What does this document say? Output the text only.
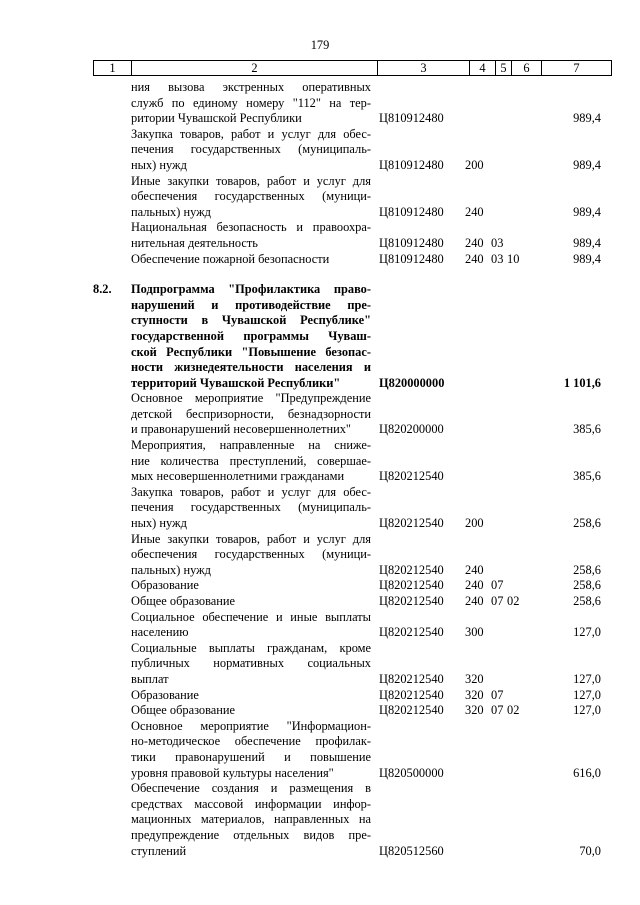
179
1	2	3	4	5	6	7
ния вызова экстренных оперативных
служб по единому номеру "112" на тер-
ритории Чувашской Республики	Ц810912480	989,4
Закупка товаров, работ и услуг для обес-
печения государственных (муниципаль-
ных) нужд	Ц810912480	200	989,4
Иные закупки товаров, работ и услуг для
обеспечения государственных (муници-
пальных) нужд	Ц810912480	240	989,4
Национальная безопасность и правоохра-
нительная деятельность	Ц810912480	240 03	989,4
Обеспечение пожарной безопасности	Ц810912480	240 03 10	989,4
8.2.	Подпрограмма "Профилактика право-
нарушений и противодействие пре-
ступности в Чувашской Республике"
государственной программы Чуваш-
ской Республики "Повышение безопас-
ности жизнедеятельности населения и
территорий Чувашской Республики"	Ц820000000	1 101,6
Основное мероприятие "Предупреждение
детской беспризорности, безнадзорности
и правонарушений несовершеннолетних"	Ц820200000	385,6
Мероприятия, направленные на сниже-
ние количества преступлений, совершае-
мых несовершеннолетними гражданами	Ц820212540	385,6
Закупка товаров, работ и услуг для обес-
печения государственных (муниципаль-
ных) нужд	Ц820212540	200	258,6
Иные закупки товаров, работ и услуг для
обеспечения государственных (муници-
пальных) нужд	Ц820212540	240	258,6
Образование	Ц820212540	240 07	258,6
Общее образование	Ц820212540	240 07 02	258,6
Социальное обеспечение и иные выплаты
населению	Ц820212540	300	127,0
Социальные выплаты гражданам, кроме
публичных нормативных социальных
выплат	Ц820212540	320	127,0
Образование	Ц820212540	320 07	127,0
Общее образование	Ц820212540	320 07 02	127,0
Основное мероприятие "Информацион-
но-методическое обеспечение профилак-
тики правонарушений и повышение
уровня правовой культуры населения"	Ц820500000	616,0
Обеспечение создания и размещения в
средствах массовой информации инфор-
мационных материалов, направленных на
предупреждение отдельных видов пре-
ступлений	Ц820512560	70,0
